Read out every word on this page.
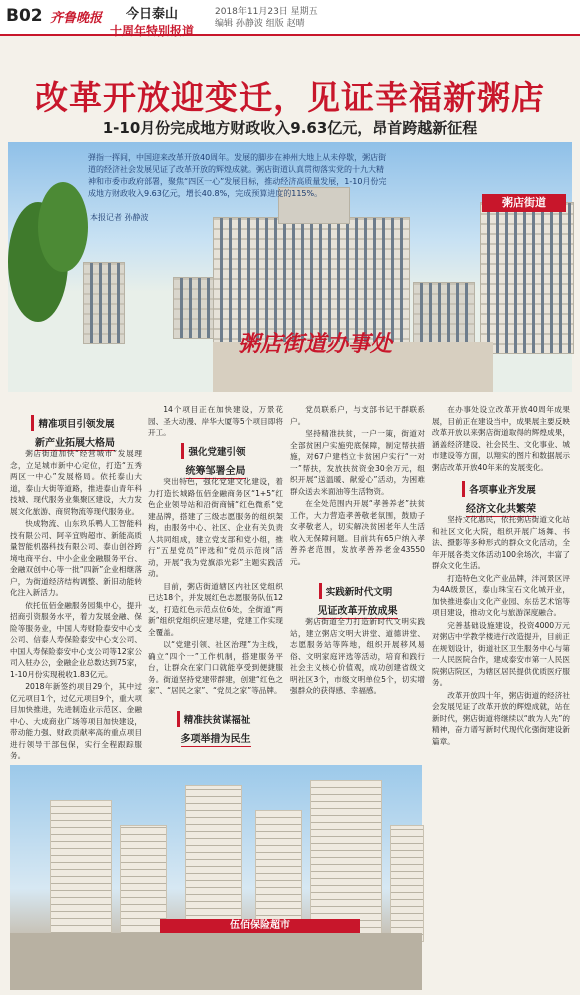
B02 齐鲁晚报	今日泰山
十周年特别报道
2018年11月23日 星期五
编辑 孙静波 组版 赵晴
改革开放迎变迁，见证幸福新粥店
1-10月份完成地方财政收入9.63亿元，昂首跨越新征程
粥店街道
粥店街道办事处
弹指一挥间，中国迎来改革开放40周年。发展的脚步在神州大地上从未停歇，粥店街道的经济社会发展见证了改革开放的辉煌成就。粥店街道认真贯彻落实党的十九大精神和市委市政府部署，聚焦“四区一心”发展目标，推动经济高质量发展，1-10月份完成地方财政收入9.63亿元，增长40.8%，完成预算进度的115%。
本报记者 孙静波
精准项目引领发展
新产业拓展大格局

粥店街道加快“经营城市”发展理念，立足城市新中心定位，打造“五秀两区一中心”发展格局。依托泰山大道，泰山大街等道路，推进泰山青年科技城、现代服务业集聚区建设，大力发展文化旅游、商贸物流等现代服务业。

快成物流、山东玖乐鸭人工智能科技有限公司、阿辛宜购超市、新能高质量智能机器科技有限公司、泰山创谷跨境电商平台、中小企业金融服务平台、金融双创中心等一批“四新”企业相继落户，为街道经济结构调整、新旧动能转化注入新活力。

依托伍佰金融服务园集中心，提升招商引资服务水平，着力发展金融、保险等服务业，中国人寿财险泰安中心支公司、信泰人寿保险泰安中心支公司、中国人寿保险泰安中心支公司等12家公司入驻办公，金融企业总数达到75家，1-10月份实现税收1.83亿元。

2018年新签约项目29个，其中过亿元项目1个，过亿元项目9个，重大项目加快推进，先进制造业示范区、金融中心、大成商业广场等项目加快建设，带动能力强、财政贡献率高的重点项目进行领导干部包保，实行全程跟踪服务。

14个项目正在加快建设，万景花园、圣大动漫、岸华大厦等5个项目即将开工。

强化党建引领
统筹邹署全局

突出特色，强化党建文化建设，着力打造长城路伍佰金融商务区“1+5”红色企业领导站和沿街商铺“红色微系”党建品牌，搭建了三级志愿服务的组织架构，由服务中心、社区、企业有关负责人共同组成，建立党支部和党小组，推行“五星党员”评选和“党员示范岗”活动，开展“我为党旗添光彩”主题实践活动。

目前，粥店街道辖区内社区党组织已达18个，并发展红色志愿服务队伍12支，打造红色示范点位6处，全街道“两新”组织党组织应建尽建，党建工作实现全覆盖。

以“党建引领、社区治理”为主线，确立“四个一”工作机制，搭建服务平台，让群众在家门口就能享受到便捷服务。街道坚持党建带群建，创建“红色之家”、“居民之家”、“党员之家”等品牌。

精准扶贫谋福祉
多项举措为民生

党员联系户，与支部书记干群联系户。

坚持精准扶贫，一户一策，街道对全部贫困户实施兜底保障，制定帮扶措施，对67户建档立卡贫困户实行“一对一”帮扶，发放扶贫资金30余万元，组织开展“送温暖、献爱心”活动，为困难群众送去米面油等生活物资。

在全处范围内开展“孝善养老”扶贫工作，大力营造孝善敬老氛围，鼓励子女孝敬老人，切实解决贫困老年人生活收入无保障问题。目前共有65户纳入孝善养老范围，发放孝善养老金43550元。

实践新时代文明
见证改革开放成果

粥店街道全力打造新时代文明实践站，建立粥店文明大讲堂、道德讲堂、志愿服务站等阵地，组织开展移风易俗、文明家庭评选等活动，培育和践行社会主义核心价值观，成功创建省级文明社区3个，市级文明单位5个，切实增强群众的获得感、幸福感。

在办事处设立改革开放40周年成果展，目前正在建设当中，成果展主要反映改革开放以来粥店街道取得的辉煌成果，涵盖经济建设、社会民生、文化事业、城市建设等方面，以翔实的图片和数据展示粥店改革开放40年来的发展变化。

各项事业齐发展
经济文化共繁荣

坚持文化惠民，依托粥店街道文化站和社区文化大院，组织开展广场舞、书法、摄影等多种形式的群众文化活动，全年开展各类文体活动100余场次，丰富了群众文化生活。

打造特色文化产业品牌，泮河景区评为4A级景区，泰山珠宝石文化城开业，加快推进泰山文化产业园、东岳艺术馆等项目建设，推动文化与旅游深度融合。

完善基础设施建设，投资4000万元对粥店中学教学楼进行改造提升，目前正在规划设计，街道社区卫生服务中心与第一人民医院合作，建成泰安市第一人民医院粥店院区，为辖区居民提供优质医疗服务。

改革开放四十年，粥店街道的经济社会发展见证了改革开放的辉煌成就，站在新时代，粥店街道将继续以“敢为人先”的精神，奋力谱写新时代现代化强街建设新篇章。

伍佰保险超市
